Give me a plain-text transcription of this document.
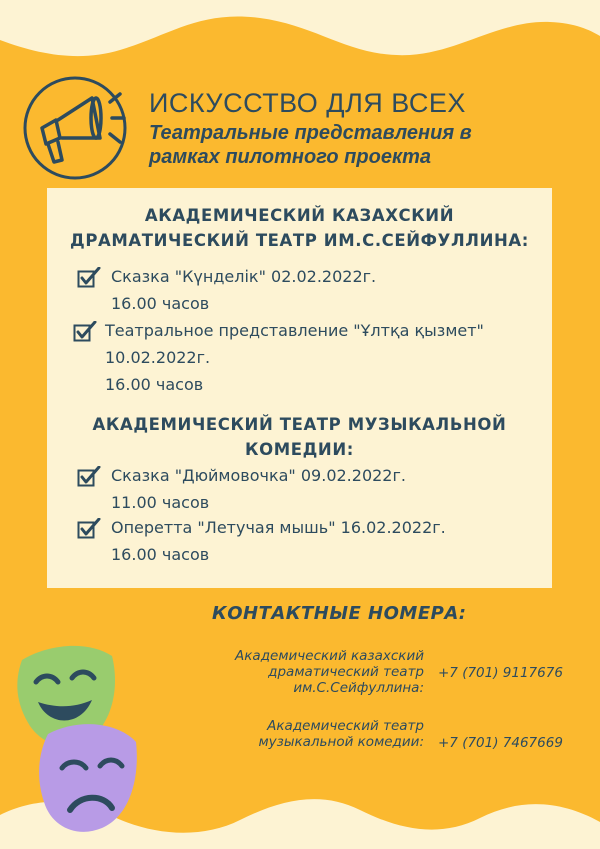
ИСКУССТВО ДЛЯ ВСЕХ
Театральные представления в
рамках пилотного проекта
АКАДЕМИЧЕСКИЙ КАЗАХСКИЙ
ДРАМАТИЧЕСКИЙ ТЕАТР ИМ.С.СЕЙФУЛЛИНА:
Сказка "Күнделік" 02.02.2022г.
16.00 часов
Театральное представление "Ұлтқа қызмет"
10.02.2022г.
16.00 часов
АКАДЕМИЧЕСКИЙ ТЕАТР МУЗЫКАЛЬНОЙ
КОМЕДИИ:
Сказка "Дюймовочка" 09.02.2022г.
11.00 часов
Оперетта "Летучая мышь" 16.02.2022г.
16.00 часов
КОНТАКТНЫЕ НОМЕРА:
Академический казахский
драматический театр
им.С.Сейфуллина:
+7 (701) 9117676
Академический театр
музыкальной комедии: +7 (701) 7467669
